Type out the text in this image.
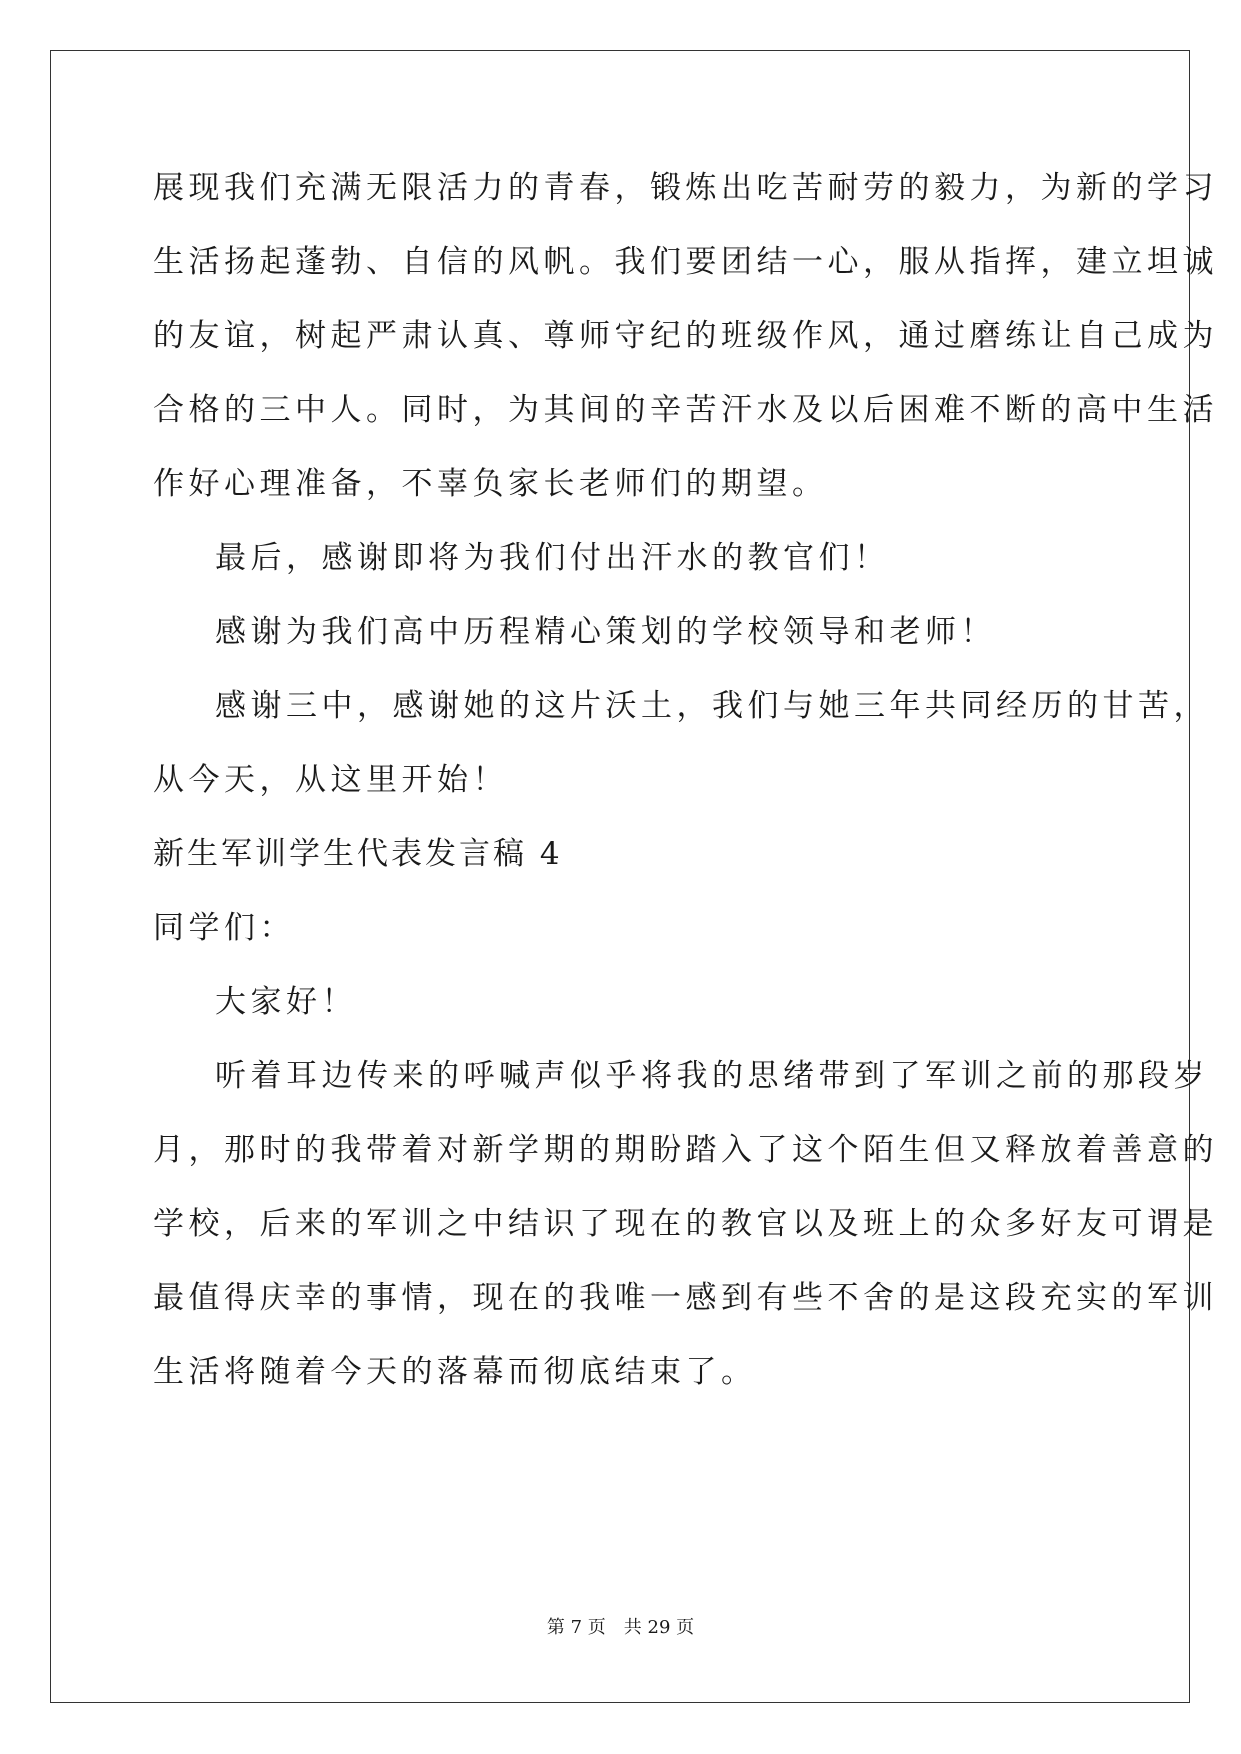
展现我们充满无限活力的青春，锻炼出吃苦耐劳的毅力，为新的学习
生活扬起蓬勃、自信的风帆。我们要团结一心，服从指挥，建立坦诚
的友谊，树起严肃认真、尊师守纪的班级作风，通过磨练让自己成为
合格的三中人。同时，为其间的辛苦汗水及以后困难不断的高中生活
作好心理准备，不辜负家长老师们的期望。
最后，感谢即将为我们付出汗水的教官们！
感谢为我们高中历程精心策划的学校领导和老师！
感谢三中，感谢她的这片沃土，我们与她三年共同经历的甘苦，
从今天，从这里开始！
新生军训学生代表发言稿 4
同学们：
大家好！
听着耳边传来的呼喊声似乎将我的思绪带到了军训之前的那段岁
月，那时的我带着对新学期的期盼踏入了这个陌生但又释放着善意的
学校，后来的军训之中结识了现在的教官以及班上的众多好友可谓是
最值得庆幸的事情，现在的我唯一感到有些不舍的是这段充实的军训
生活将随着今天的落幕而彻底结束了。
第 7 页 共 29 页
